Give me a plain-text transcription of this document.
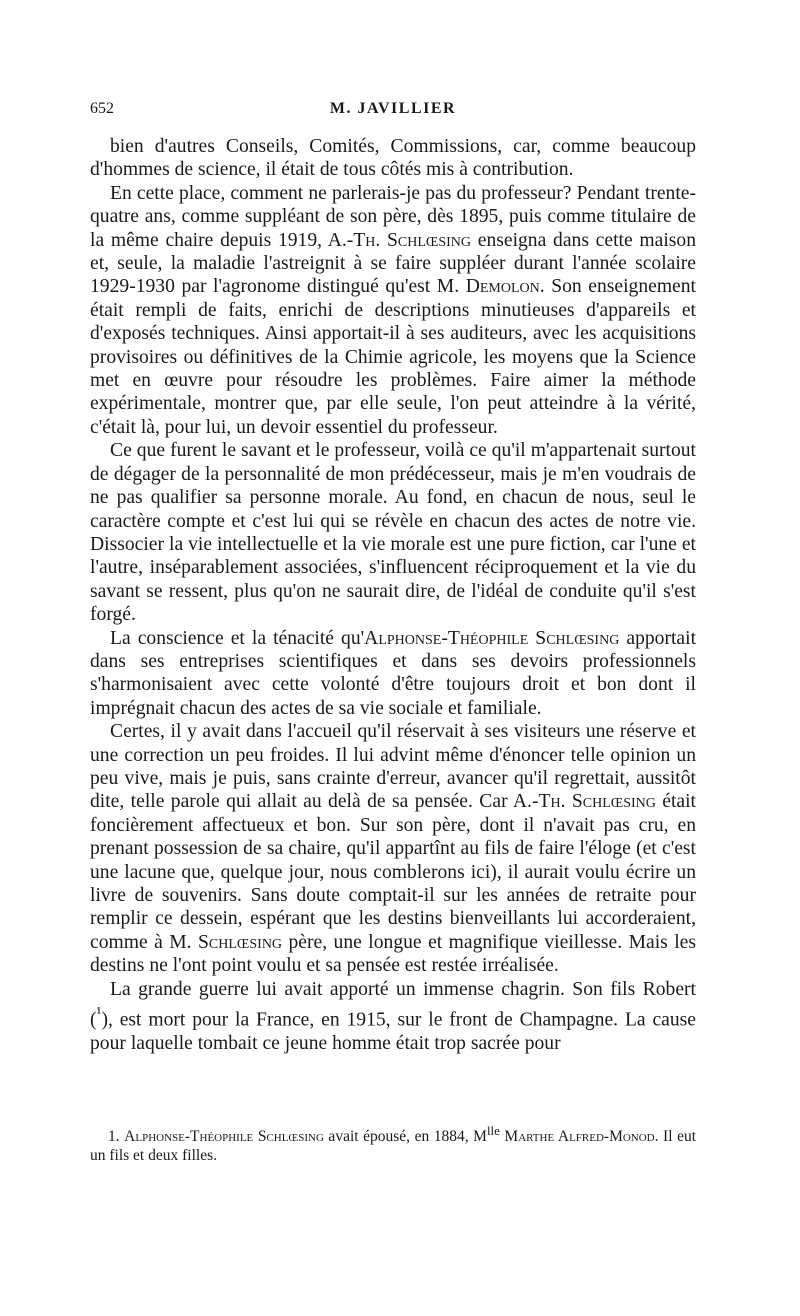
652	M. JAVILLIER

bien d'autres Conseils, Comités, Commissions, car, comme beaucoup d'hommes de science, il était de tous côtés mis à contribution.

En cette place, comment ne parlerais-je pas du professeur? Pendant trente-quatre ans, comme suppléant de son père, dès 1895, puis comme titulaire de la même chaire depuis 1919, A.-Th. Schlœsing enseigna dans cette maison et, seule, la maladie l'astreignit à se faire suppléer durant l'année scolaire 1929-1930 par l'agronome distingué qu'est M. Demolon. Son enseignement était rempli de faits, enrichi de descriptions minutieuses d'appareils et d'exposés techniques. Ainsi apportait-il à ses auditeurs, avec les acquisitions provisoires ou définitives de la Chimie agricole, les moyens que la Science met en œuvre pour résoudre les problèmes. Faire aimer la méthode expérimentale, montrer que, par elle seule, l'on peut atteindre à la vérité, c'était là, pour lui, un devoir essentiel du professeur.

Ce que furent le savant et le professeur, voilà ce qu'il m'appartenait surtout de dégager de la personnalité de mon prédécesseur, mais je m'en voudrais de ne pas qualifier sa personne morale. Au fond, en chacun de nous, seul le caractère compte et c'est lui qui se révèle en chacun des actes de notre vie. Dissocier la vie intellectuelle et la vie morale est une pure fiction, car l'une et l'autre, inséparablement associées, s'influencent réciproquement et la vie du savant se ressent, plus qu'on ne saurait dire, de l'idéal de conduite qu'il s'est forgé.

La conscience et la ténacité qu'Alphonse-Théophile Schlœsing apportait dans ses entreprises scientifiques et dans ses devoirs professionnels s'harmonisaient avec cette volonté d'être toujours droit et bon dont il imprégnait chacun des actes de sa vie sociale et familiale.

Certes, il y avait dans l'accueil qu'il réservait à ses visiteurs une réserve et une correction un peu froides. Il lui advint même d'énoncer telle opinion un peu vive, mais je puis, sans crainte d'erreur, avancer qu'il regrettait, aussitôt dite, telle parole qui allait au delà de sa pensée. Car A.-Th. Schlœsing était foncièrement affectueux et bon. Sur son père, dont il n'avait pas cru, en prenant possession de sa chaire, qu'il appartînt au fils de faire l'éloge (et c'est une lacune que, quelque jour, nous comblerons ici), il aurait voulu écrire un livre de souvenirs. Sans doute comptait-il sur les années de retraite pour remplir ce dessein, espérant que les destins bienveillants lui accorderaient, comme à M. Schlœsing père, une longue et magnifique vieillesse. Mais les destins ne l'ont point voulu et sa pensée est restée irréalisée.

La grande guerre lui avait apporté un immense chagrin. Son fils Robert ($^{^1}$), est mort pour la France, en 1915, sur le front de Champagne. La cause pour laquelle tombait ce jeune homme était trop sacrée pour

1. Alphonse-Théophile Schlœsing avait épousé, en 1884, $M^{lle}$ Marthe Alfred-Monod. Il eut un fils et deux filles.
